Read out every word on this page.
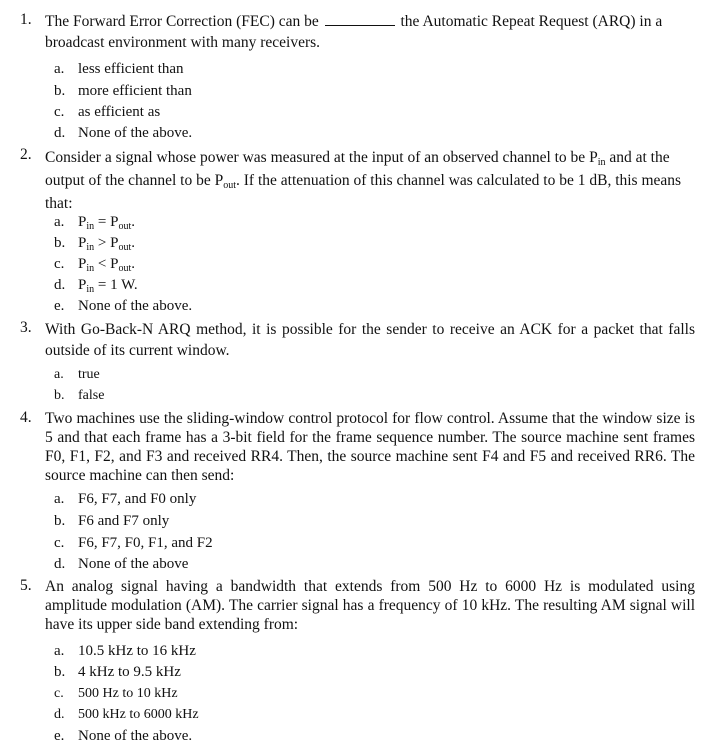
1. The Forward Error Correction (FEC) can be	the Automatic Repeat Request (ARQ) in a broadcast environment with many receivers.
a. less efficient than
b. more efficient than
c. as efficient as
d. None of the above.
2. Consider a signal whose power was measured at the input of an observed channel to be $P_{in}$ and at the output of the channel to be $P_{out}$. If the attenuation of this channel was calculated to be 1 dB, this means that:
a. $P_{in} = P_{out}$.
b. $P_{in} > P_{out}$.
c. $P_{in} < P_{out}$.
d. $P_{in} = 1$ W.
e. None of the above.
3. With Go-Back-N ARQ method, it is possible for the sender to receive an ACK for a packet that falls outside of its current window.
a. true
b. false
4. Two machines use the sliding-window control protocol for flow control. Assume that the window size is 5 and that each frame has a 3-bit field for the frame sequence number. The source machine sent frames F0, F1, F2, and F3 and received RR4. Then, the source machine sent F4 and F5 and received RR6. The source machine can then send:
a. F6, F7, and F0 only
b. F6 and F7 only
c. F6, F7, F0, F1, and F2
d. None of the above
5. An analog signal having a bandwidth that extends from 500 Hz to 6000 Hz is modulated using amplitude modulation (AM). The carrier signal has a frequency of 10 kHz. The resulting AM signal will have its upper side band extending from:
a. 10.5 kHz to 16 kHz
b. 4 kHz to 9.5 kHz
c. 500 Hz to 10 kHz
d. 500 kHz to 6000 kHz
e. None of the above.
